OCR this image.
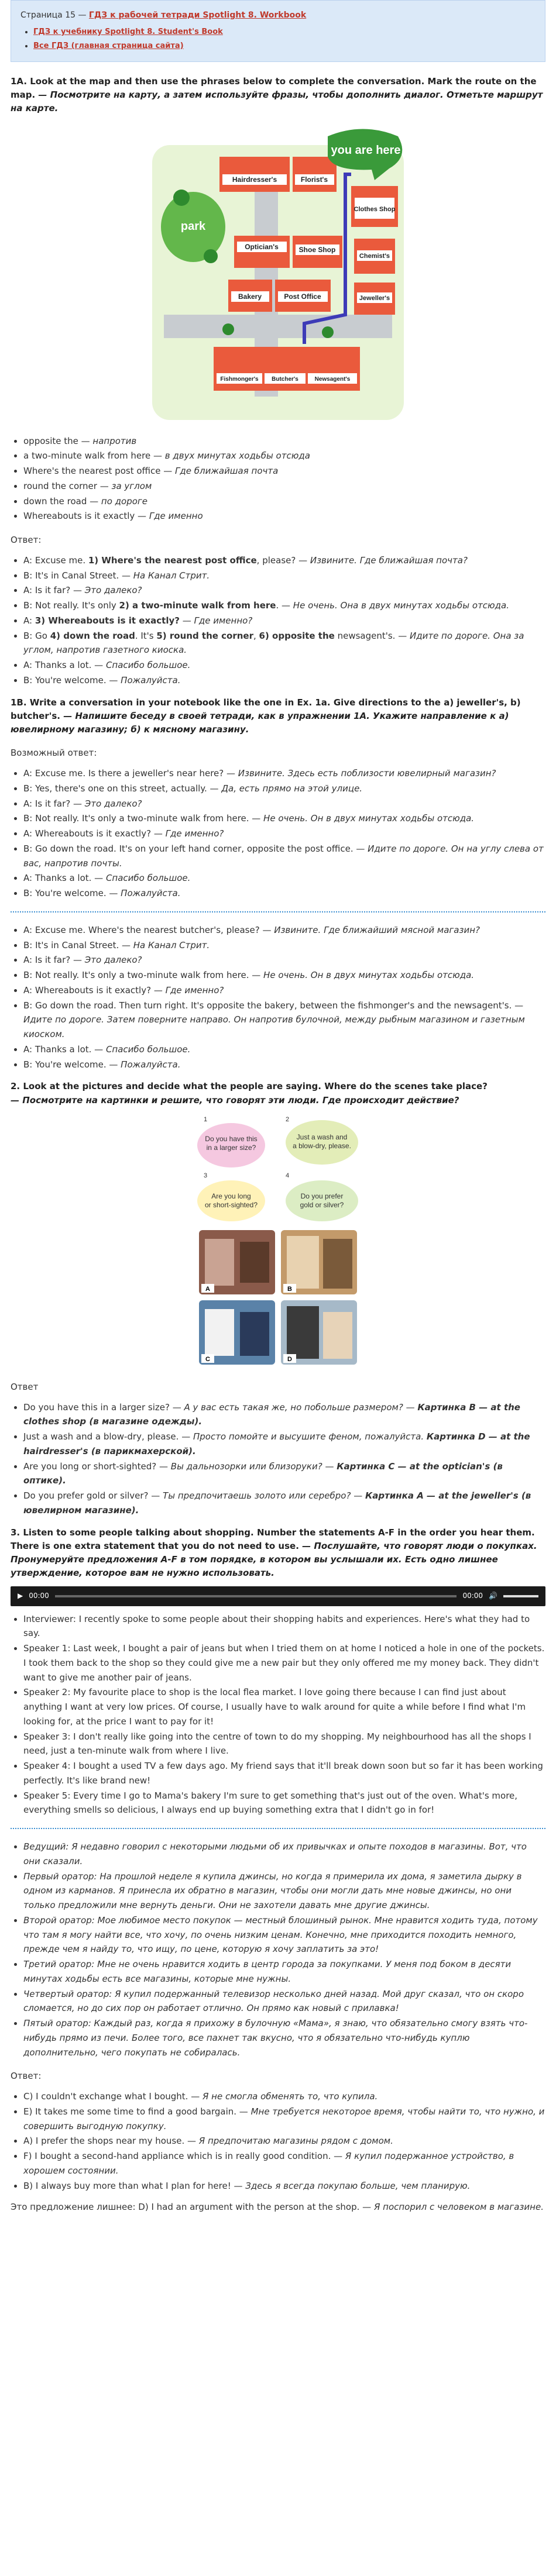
Страница 15 — ГДЗ к рабочей тетради Spotlight 8. Workbook
• ГДЗ к учебнику Spotlight 8. Student's Book
• Все ГДЗ (главная страница сайта)
1A. Look at the map and then use the phrases below to complete the conversation. Mark the route on the map. — Посмотрите на карту, а затем используйте фразы, чтобы дополнить диалог. Отметьте маршрут на карте.
park
Hairdresser's	Florist's
Clothes Shop
you are here
Optician's	Shoe Shop
Chemist's
Bakery	Post Office	Jeweller's
Fishmonger's Butcher's	Newsagent's
• opposite the — напротив
• a two-minute walk from here — в двух минутах ходьбы отсюда
• Where's the nearest post office — Где ближайшая почта
• round the corner — за углом
• down the road — по дороге
• Whereabouts is it exactly — Где именно

Ответ:

• A: Excuse me. 1) Where's the nearest post office, please? — Извините. Где ближайшая почта?
• B: It's in Canal Street. — На Канал Стрит.
• A: Is it far? — Это далеко?
• B: Not really. It's only 2) a two-minute walk from here. — Не очень. Она в двух минутах ходьбы отсюда.
• A: 3) Whereabouts is it exactly? — Где именно?
• B: Go 4) down the road. It's 5) round the corner, 6) opposite the newsagent's. — Идите по дороге. Она за углом, напротив газетного киоска.
• A: Thanks a lot. — Спасибо большое.
• B: You're welcome. — Пожалуйста.
1B. Write a conversation in your notebook like the one in Ex. 1a. Give directions to the a) jeweller's, b) butcher's. — Напишите беседу в своей тетради, как в упражнении 1А. Укажите направление к а) ювелирному магазину; б) к мясному магазину.

Возможный ответ:

• A: Excuse me. Is there a jeweller's near here? — Извините. Здесь есть поблизости ювелирный магазин?
• B: Yes, there's one on this street, actually. — Да, есть прямо на этой улице.
• A: Is it far? — Это далеко?
• B: Not really. It's only a two-minute walk from here. — Не очень. Он в двух минутах ходьбы отсюда.
• A: Whereabouts is it exactly? — Где именно?
• B: Go down the road. It's on your left hand corner, opposite the post office. — Идите по дороге. Он на углу слева от вас, напротив почты.
• A: Thanks a lot. — Спасибо большое.
• B: You're welcome. — Пожалуйста.
• A: Excuse me. Where's the nearest butcher's, please? — Извините. Где ближайший мясной магазин?
• B: It's in Canal Street. — На Канал Стрит.
• A: Is it far? — Это далеко?
• B: Not really. It's only a two-minute walk from here. — Не очень. Он в двух минутах ходьбы отсюда.
• A: Whereabouts is it exactly? — Где именно?
• B: Go down the road. Then turn right. It's opposite the bakery, between the fishmonger's and the newsagent's. — Идите по дороге. Затем поверните направо. Он напротив булочной, между рыбным магазином и газетным киоском.
• A: Thanks a lot. — Спасибо большое.
• B: You're welcome. — Пожалуйста.
2. Look at the pictures and decide what the people are saying. Where do the scenes take place?
— Посмотрите на картинки и решите, что говорят эти люди. Где происходит действие?
1
Do you have this in a larger size?
2
Just a wash and a blow-dry, please.
3
Are you long or short-sighted?
4
Do you prefer gold or silver?
A	B
C	D

Ответ

• Do you have this in a larger size? — А у вас есть такая же, но побольше размером? — Картинка B — at the clothes shop (в магазине одежды).
• Just a wash and a blow-dry, please. — Просто помойте и высушите феном, пожалуйста. Картинка D — at the hairdresser's (в парикмахерской).
• Are you long or short-sighted? — Вы дальнозорки или близоруки? — Картинка C — at the optician's (в оптике).
• Do you prefer gold or silver? — Ты предпочитаешь золото или серебро? — Картинка A — at the jeweller's (в ювелирном магазине).
3. Listen to some people talking about shopping. Number the statements A-F in the order you hear them. There is one extra statement that you do not need to use. — Послушайте, что говорят люди о покупках. Пронумеруйте предложения A-F в том порядке, в котором вы услышали их. Есть одно лишнее утверждение, которое вам не нужно использовать.
▶ 00:00	00:00 🔊
• Interviewer: I recently spoke to some people about their shopping habits and experiences. Here's what they had to say.
• Speaker 1: Last week, I bought a pair of jeans but when I tried them on at home I noticed a hole in one of the pockets. I took them back to the shop so they could give me a new pair but they only offered me my money back. They didn't want to give me another pair of jeans.
• Speaker 2: My favourite place to shop is the local flea market. I love going there because I can find just about anything I want at very low prices. Of course, I usually have to walk around for quite a while before I find what I'm looking for, at the price I want to pay for it!
• Speaker 3: I don't really like going into the centre of town to do my shopping. My neighbourhood has all the shops I need, just a ten-minute walk from where I live.
• Speaker 4: I bought a used TV a few days ago. My friend says that it'll break down soon but so far it has been working perfectly. It's like brand new!
• Speaker 5: Every time I go to Mama's bakery I'm sure to get something that's just out of the oven. What's more, everything smells so delicious, I always end up buying something extra that I didn't go in for!
• Ведущий: Я недавно говорил с некоторыми людьми об их привычках и опыте походов в магазины. Вот, что они сказали.
• Первый оратор: На прошлой неделе я купила джинсы, но когда я примерила их дома, я заметила дырку в одном из карманов. Я принесла их обратно в магазин, чтобы они могли дать мне новые джинсы, но они только предложили мне вернуть деньги. Они не захотели давать мне другие джинсы.
• Второй оратор: Мое любимое место покупок — местный блошиный рынок. Мне нравится ходить туда, потому что там я могу найти все, что хочу, по очень низким ценам. Конечно, мне приходится походить немного, прежде чем я найду то, что ищу, по цене, которую я хочу заплатить за это!
• Третий оратор: Мне не очень нравится ходить в центр города за покупками. У меня под боком в десяти минутах ходьбы есть все магазины, которые мне нужны.
• Четвертый оратор: Я купил подержанный телевизор несколько дней назад. Мой друг сказал, что он скоро сломается, но до сих пор он работает отлично. Он прямо как новый с прилавка!
• Пятый оратор: Каждый раз, когда я прихожу в булочную «Мама», я знаю, что обязательно смогу взять что-нибудь прямо из печи. Более того, все пахнет так вкусно, что я обязательно что-нибудь куплю дополнительно, чего покупать не собиралась.

Ответ:

• C) I couldn't exchange what I bought. — Я не смогла обменять то, что купила.
• E) It takes me some time to find a good bargain. — Мне требуется некоторое время, чтобы найти то, что нужно, и совершить выгодную покупку.
• A) I prefer the shops near my house. — Я предпочитаю магазины рядом с домом.
• F) I bought a second-hand appliance which is in really good condition. — Я купил подержанное устройство, в хорошем состоянии.
• B) I always buy more than what I plan for here! — Здесь я всегда покупаю больше, чем планирую.

Это предложение лишнее: D) I had an argument with the person at the shop. — Я поспорил с человеком в магазине.
